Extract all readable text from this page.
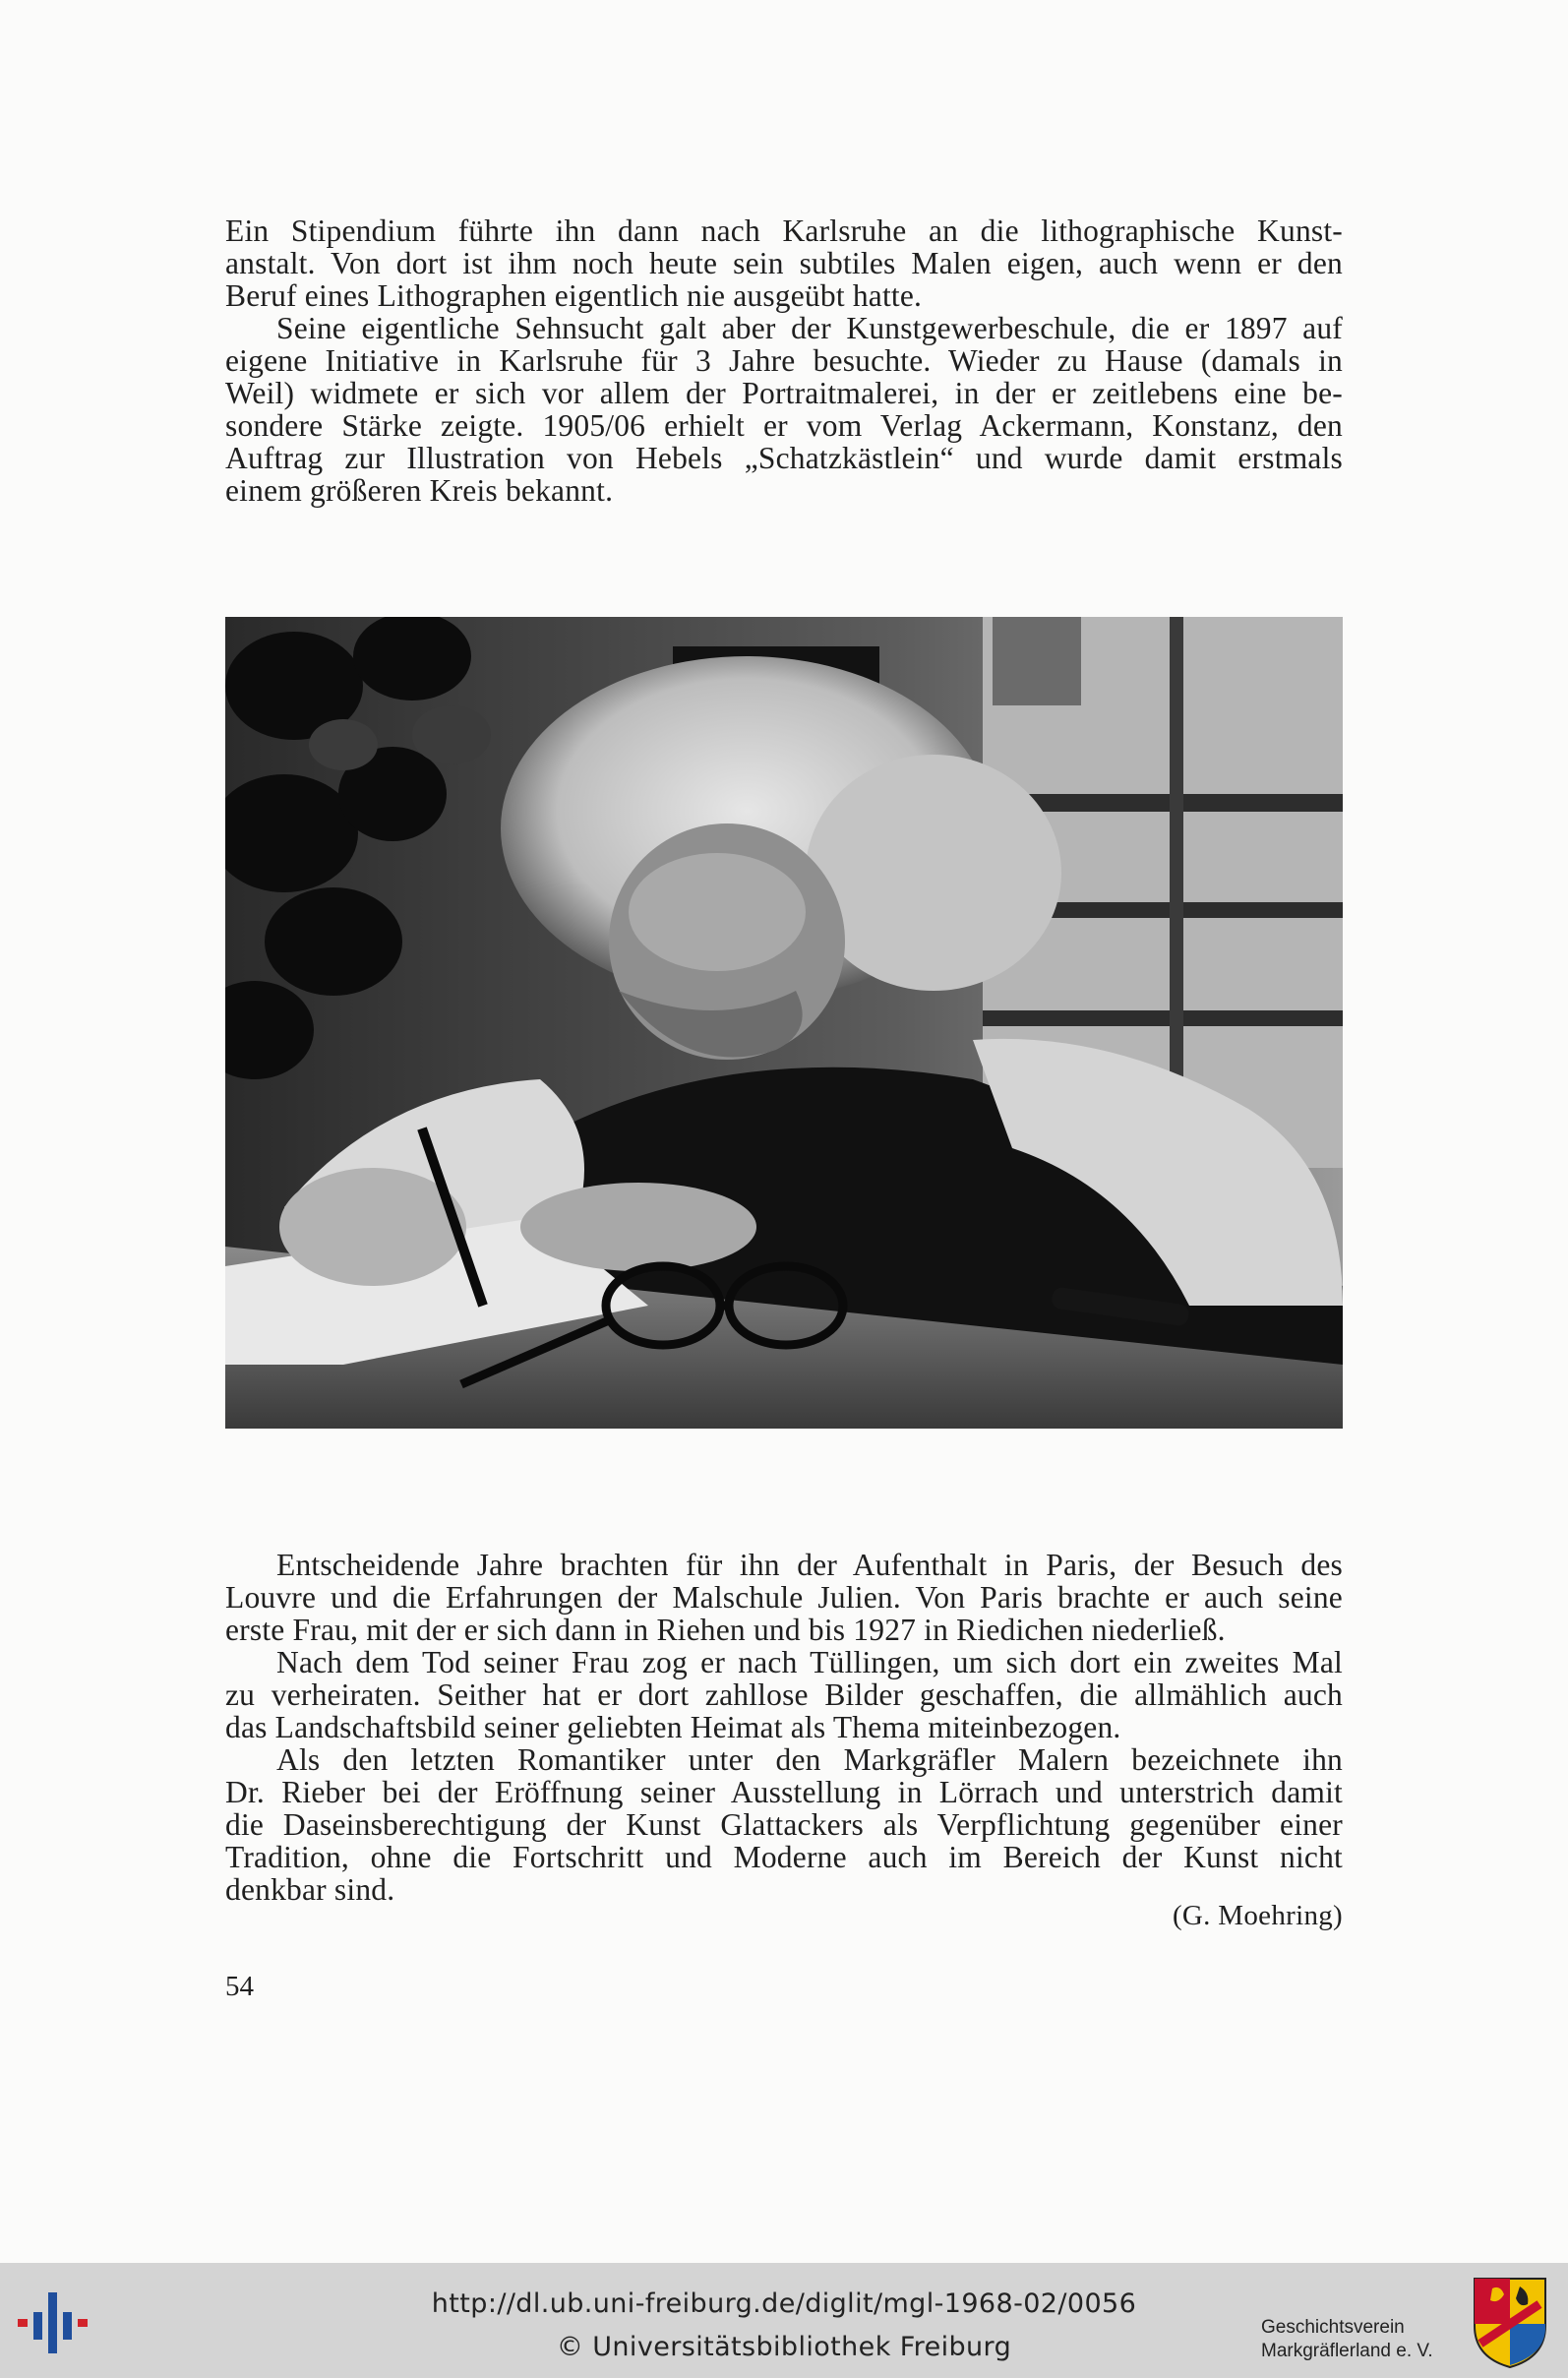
Ein Stipendium führte ihn dann nach Karlsruhe an die lithographische Kunst-
anstalt. Von dort ist ihm noch heute sein subtiles Malen eigen, auch wenn er den
Beruf eines Lithographen eigentlich nie ausgeübt hatte.

Seine eigentliche Sehnsucht galt aber der Kunstgewerbeschule, die er 1897 auf
eigene Initiative in Karlsruhe für 3 Jahre besuchte. Wieder zu Hause (damals in
Weil) widmete er sich vor allem der Portraitmalerei, in der er zeitlebens eine be-
sondere Stärke zeigte. 1905/06 erhielt er vom Verlag Ackermann, Konstanz, den
Auftrag zur Illustration von Hebels „Schatzkästlein“ und wurde damit erstmals
einem größeren Kreis bekannt.

Entscheidende Jahre brachten für ihn der Aufenthalt in Paris, der Besuch des
Louvre und die Erfahrungen der Malschule Julien. Von Paris brachte er auch seine
erste Frau, mit der er sich dann in Riehen und bis 1927 in Riedichen niederließ.

Nach dem Tod seiner Frau zog er nach Tüllingen, um sich dort ein zweites Mal
zu verheiraten. Seither hat er dort zahllose Bilder geschaffen, die allmählich auch
das Landschaftsbild seiner geliebten Heimat als Thema miteinbezogen.

Als den letzten Romantiker unter den Markgräfler Malern bezeichnete ihn
Dr. Rieber bei der Eröffnung seiner Ausstellung in Lörrach und unterstrich damit
die Daseinsberechtigung der Kunst Glattackers als Verpflichtung gegenüber einer
Tradition, ohne die Fortschritt und Moderne auch im Bereich der Kunst nicht
denkbar sind.

(G. Moehring)
54
http://dl.ub.uni-freiburg.de/diglit/mgl-1968-02/0056
© Universitätsbibliothek Freiburg
Geschichtsverein
Markgräflerland e. V.
